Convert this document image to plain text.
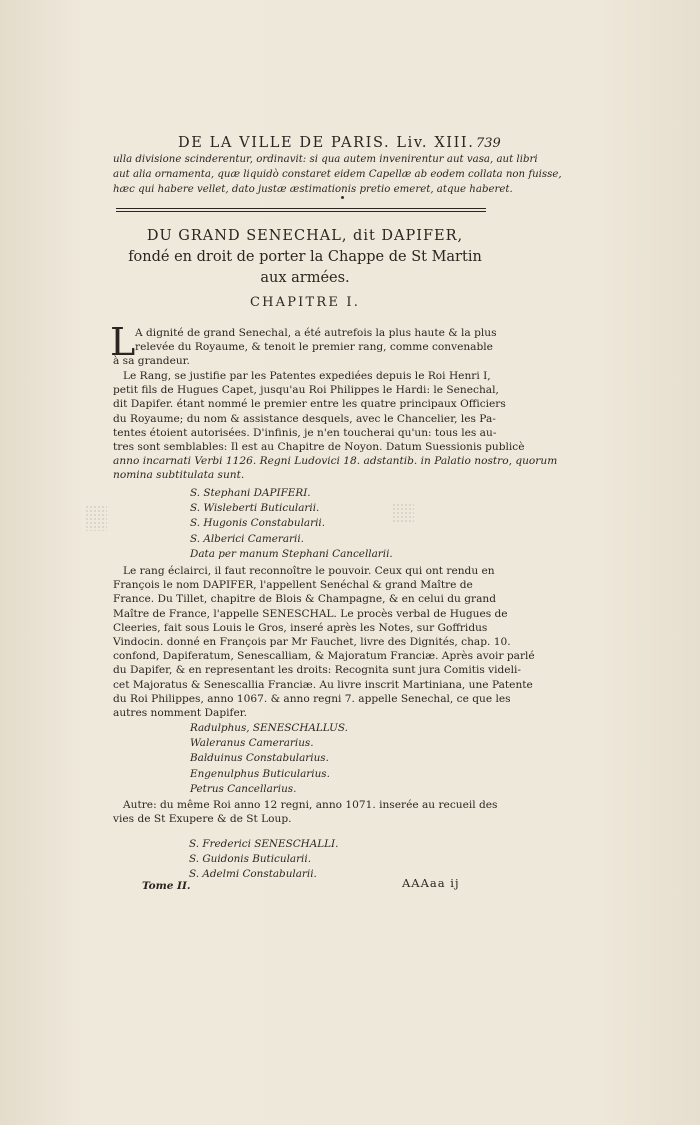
DE LA VILLE DE PARIS. Liv. XIII. 739
ulla divisione scinderentur, ordinavit: si qua autem invenirentur aut vasa, aut libri
aut alia ornamenta, quæ liquidò constaret eidem Capellæ ab eodem collata non fuisse,
hæc qui habere vellet, dato justæ æstimationis pretio emeret, atque haberet.
DU GRAND SENECHAL, dit DAPIFER,
fondé en droit de porter la Chappe de St Martin
aux armées.
CHAPITRE I.
L A dignité de grand Senechal, a été autrefois la plus haute & la plus
relevée du Royaume, & tenoit le premier rang, comme convenable
à sa grandeur.
Le Rang, se justifie par les Patentes expediées depuis le Roi Henri I,
petit fils de Hugues Capet, jusqu'au Roi Philippes le Hardi: le Senechal,
dit Dapifer. étant nommé le premier entre les quatre principaux Officiers
du Royaume; du nom & assistance desquels, avec le Chancelier, les Pa-
tentes étoient autorisées. D'infinis, je n'en toucherai qu'un: tous les au-
tres sont semblables: Il est au Chapitre de Noyon. Datum Suessionis publicè
anno incarnati Verbi 1126. Regni Ludovici 18. adstantib. in Palatio nostro, quorum
nomina subtitulata sunt.
S. Stephani DAPIFERI.
S. Wisleberti Buticularii.
S. Hugonis Constabularii.
S. Alberici Camerarii.
Data per manum Stephani Cancellarii.
Le rang éclairci, il faut reconnoître le pouvoir. Ceux qui ont rendu en
François le nom DAPIFER, l'appellent Senéchal & grand Maître de
France. Du Tillet, chapitre de Blois & Champagne, & en celui du grand
Maître de France, l'appelle SENESCHAL. Le procès verbal de Hugues de
Cleeries, fait sous Louis le Gros, inseré après les Notes, sur Goffridus
Vindocin. donné en François par Mr Fauchet, livre des Dignités, chap. 10.
confond, Dapiferatum, Senescalliam, & Majoratum Franciæ. Après avoir parlé
du Dapifer, & en representant les droits: Recognita sunt jura Comitis videli-
cet Majoratus & Senescallia Franciæ. Au livre inscrit Martiniana, une Patente
du Roi Philippes, anno 1067. & anno regni 7. appelle Senechal, ce que les
autres nomment Dapifer.
Radulphus, SENESCHALLUS.
Waleranus Camerarius.
Balduinus Constabularius.
Engenulphus Buticularius.
Petrus Cancellarius.
Autre: du même Roi anno 12 regni, anno 1071. inserée au recueil des
vies de St Exupere & de St Loup.
S. Frederici SENESCHALLI.
S. Guidonis Buticularii.
S. Adelmi Constabularii.
Tome II.	AAAaa ij
